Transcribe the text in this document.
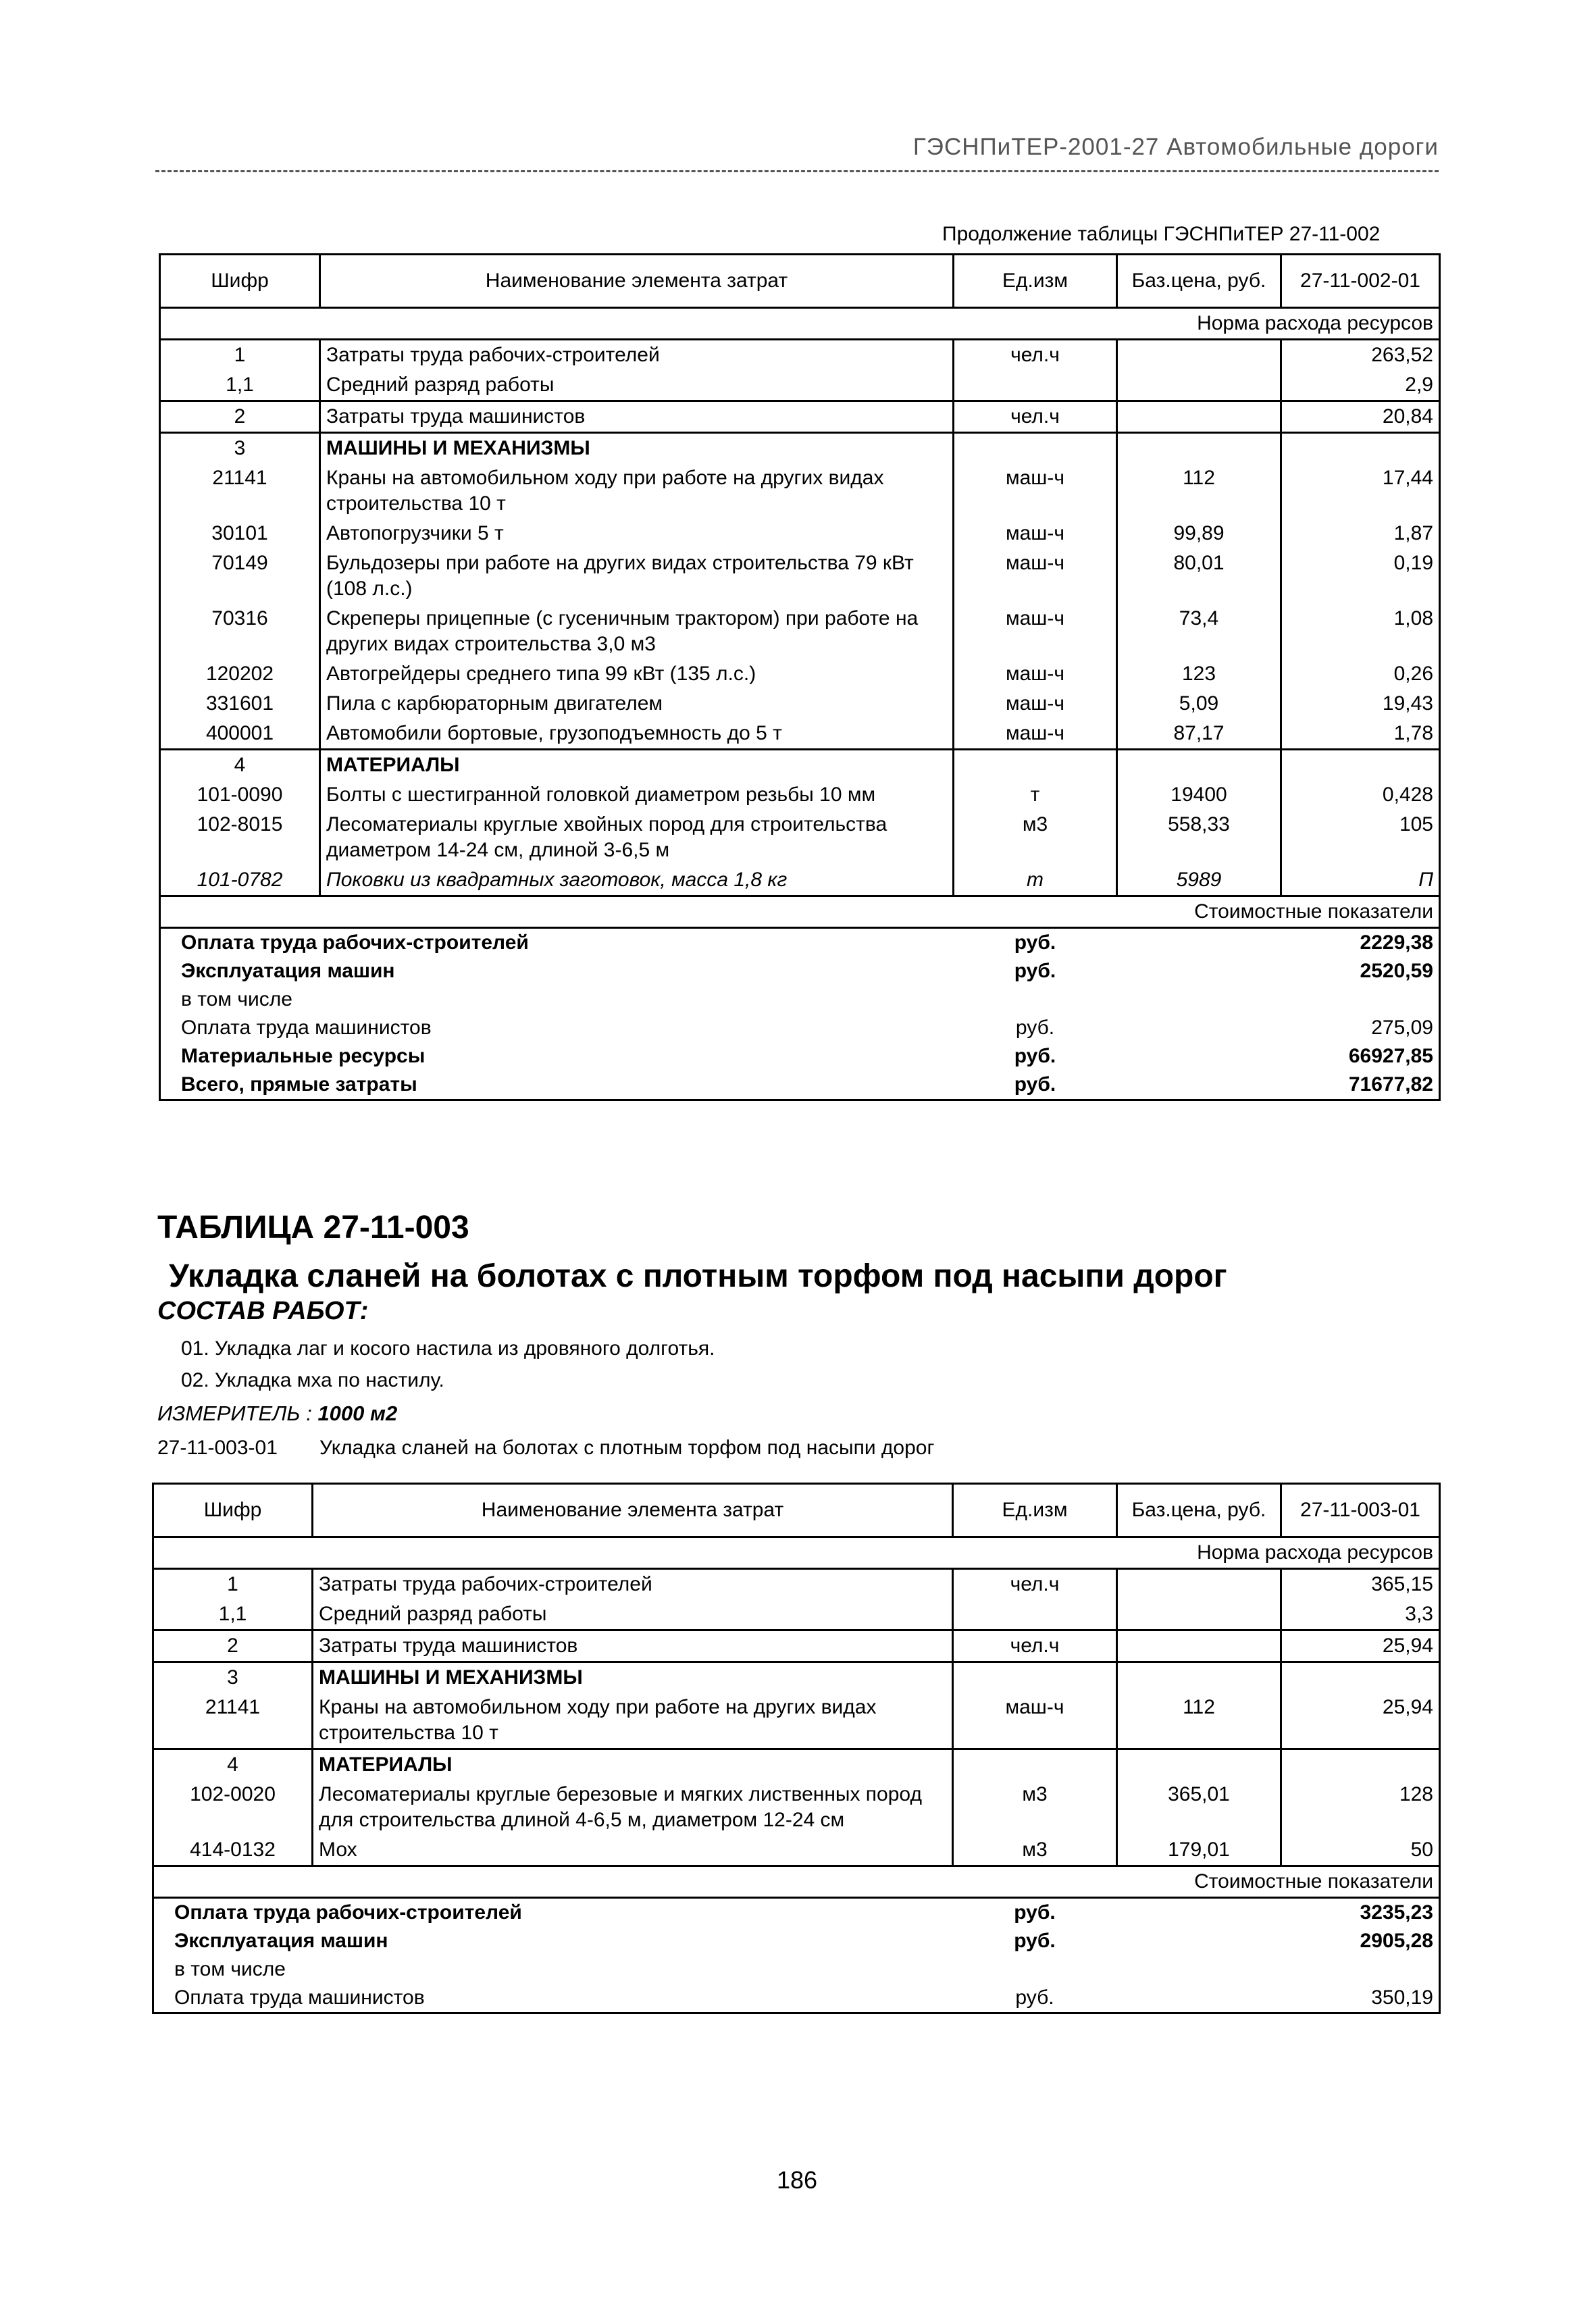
ГЭСНПиТЕР-2001-27 Автомобильные дороги
Продолжение таблицы ГЭСНПиТЕР 27-11-002
Шифр	Наименование элемента затрат	Ед.изм	Баз.цена, руб.	27-11-002-01
Норма расхода ресурсов				
1	Затраты труда рабочих-строителей	чел.ч		263,52
1,1	Средний разряд работы			2,9
2	Затраты труда машинистов	чел.ч		20,84
3	МАШИНЫ И МЕХАНИЗМЫ			
21141	Краны на автомобильном ходу при работе на других видах строительства 10 т	маш-ч	112	17,44
30101	Автопогрузчики 5 т	маш-ч	99,89	1,87
70149	Бульдозеры при работе на других видах строительства 79 кВт (108 л.с.)	маш-ч	80,01	0,19
70316	Скреперы прицепные (с гусеничным трактором) при работе на других видах строительства 3,0 м3	маш-ч	73,4	1,08
120202	Автогрейдеры среднего типа 99 кВт (135 л.с.)	маш-ч	123	0,26
331601	Пила с карбюраторным двигателем	маш-ч	5,09	19,43
400001	Автомобили бортовые, грузоподъемность до 5 т	маш-ч	87,17	1,78
4	МАТЕРИАЛЫ			
101-0090	Болты с шестигранной головкой диаметром резьбы 10 мм	т	19400	0,428
102-8015	Лесоматериалы круглые хвойных пород для строительства диаметром 14-24 см, длиной 3-6,5 м	м3	558,33	105
101-0782	Поковки из квадратных заготовок, масса 1,8 кг	т	5989	П
Стоимостные показатели				
Оплата труда рабочих-строителей		руб.		2229,38
Эксплуатация машин		руб.		2520,59
в том числе				
Оплата труда машинистов		руб.		275,09
Материальные ресурсы		руб.		66927,85
Всего, прямые затраты		руб.		71677,82
ТАБЛИЦА 27-11-003
Укладка сланей на болотах с плотным торфом под насыпи дорог
СОСТАВ РАБОТ:
01. Укладка лаг и косого настила из дровяного долготья.
02. Укладка мха по настилу.
ИЗМЕРИТЕЛЬ : 1000 м2
27-11-003-01 Укладка сланей на болотах с плотным торфом под насыпи дорог
Шифр	Наименование элемента затрат	Ед.изм	Баз.цена, руб.	27-11-003-01
Норма расхода ресурсов				
1	Затраты труда рабочих-строителей	чел.ч		365,15
1,1	Средний разряд работы			3,3
2	Затраты труда машинистов	чел.ч		25,94
3	МАШИНЫ И МЕХАНИЗМЫ			
21141	Краны на автомобильном ходу при работе на других видах строительства 10 т	маш-ч	112	25,94
4	МАТЕРИАЛЫ			
102-0020	Лесоматериалы круглые березовые и мягких лиственных пород для строительства длиной 4-6,5 м, диаметром 12-24 см	м3	365,01	128
414-0132	Мох	м3	179,01	50
Стоимостные показатели				
Оплата труда рабочих-строителей		руб.		3235,23
Эксплуатация машин		руб.		2905,28
в том числе				
Оплата труда машинистов		руб.		350,19
186
